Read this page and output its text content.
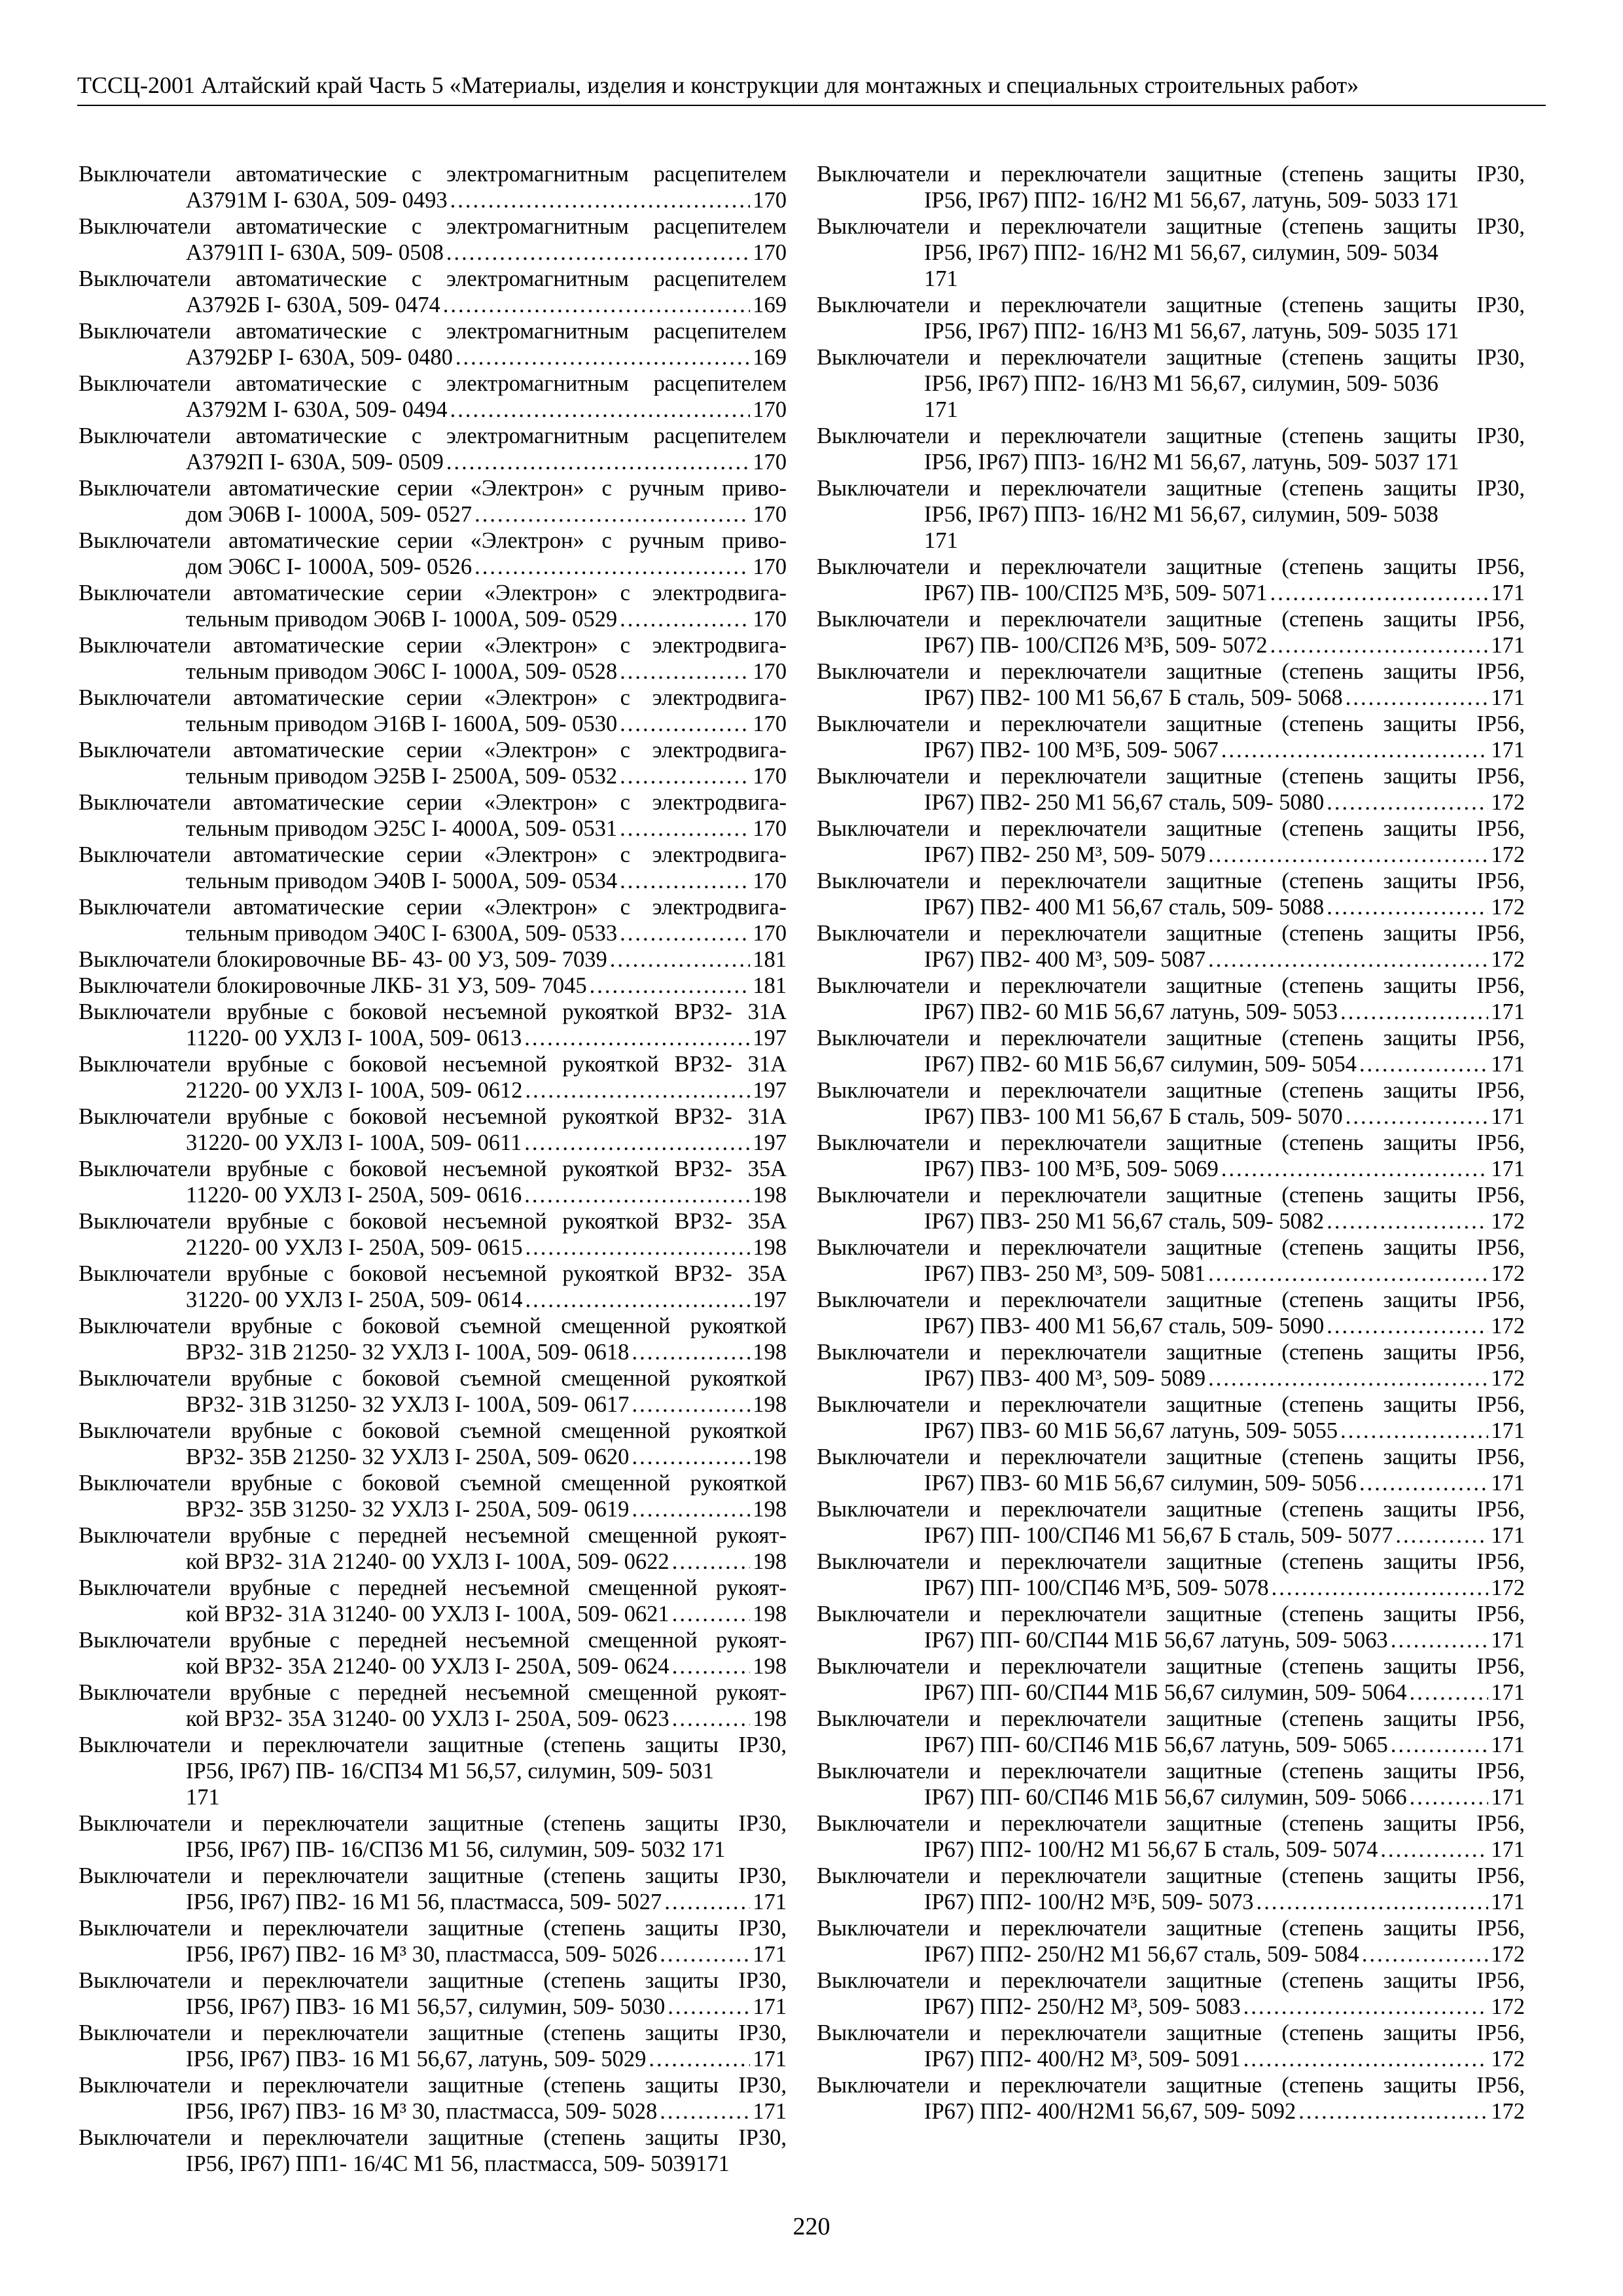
ТССЦ-2001 Алтайский край Часть 5 «Материалы, изделия и конструкции для монтажных и специальных строительных работ»
Выключатели автоматические с электромагнитным расцепителем
А3791М I- 630А, 509- 0493 .....	170
Выключатели автоматические с электромагнитным расцепителем
А3791П I- 630А, 509- 0508 .....	170
Выключатели автоматические с электромагнитным расцепителем
А3792Б I- 630А, 509- 0474 .....	169
Выключатели автоматические с электромагнитным расцепителем
А3792БР I- 630А, 509- 0480 .....	169
Выключатели автоматические с электромагнитным расцепителем
А3792М I- 630А, 509- 0494 .....	170
Выключатели автоматические с электромагнитным расцепителем
А3792П I- 630А, 509- 0509 .....	170
Выключатели автоматические серии «Электрон» с ручным приво-
дом Э06В I- 1000А, 509- 0527 .....	170
Выключатели автоматические серии «Электрон» с ручным приво-
дом Э06С I- 1000А, 509- 0526 .....	170
Выключатели автоматические серии «Электрон» с электродвига-
тельным приводом Э06В I- 1000А, 509- 0529 .....	170
Выключатели автоматические серии «Электрон» с электродвига-
тельным приводом Э06С I- 1000А, 509- 0528 .....	170
Выключатели автоматические серии «Электрон» с электродвига-
тельным приводом Э16В I- 1600А, 509- 0530 .....	170
Выключатели автоматические серии «Электрон» с электродвига-
тельным приводом Э25В I- 2500А, 509- 0532 .....	170
Выключатели автоматические серии «Электрон» с электродвига-
тельным приводом Э25С I- 4000А, 509- 0531 .....	170
Выключатели автоматические серии «Электрон» с электродвига-
тельным приводом Э40В I- 5000А, 509- 0534 .....	170
Выключатели автоматические серии «Электрон» с электродвига-
тельным приводом Э40С I- 6300А, 509- 0533 .....	170
Выключатели блокировочные ВБ- 43- 00 У3, 509- 7039 .....	181
Выключатели блокировочные ЛКБ- 31 У3, 509- 7045 .....	181
Выключатели врубные с боковой несъемной рукояткой ВР32- 31А
11220- 00 УХЛ3 I- 100А, 509- 0613 .....	197
Выключатели врубные с боковой несъемной рукояткой ВР32- 31А
21220- 00 УХЛ3 I- 100А, 509- 0612 .....	197
Выключатели врубные с боковой несъемной рукояткой ВР32- 31А
31220- 00 УХЛ3 I- 100А, 509- 0611 .....	197
Выключатели врубные с боковой несъемной рукояткой ВР32- 35А
11220- 00 УХЛ3 I- 250А, 509- 0616 .....	198
Выключатели врубные с боковой несъемной рукояткой ВР32- 35А
21220- 00 УХЛ3 I- 250А, 509- 0615 .....	198
Выключатели врубные с боковой несъемной рукояткой ВР32- 35А
31220- 00 УХЛ3 I- 250А, 509- 0614 .....	197
Выключатели врубные с боковой съемной смещенной рукояткой
ВР32- 31В 21250- 32 УХЛ3 I- 100А, 509- 0618 .....	198
Выключатели врубные с боковой съемной смещенной рукояткой
ВР32- 31В 31250- 32 УХЛ3 I- 100А, 509- 0617 .....	198
Выключатели врубные с боковой съемной смещенной рукояткой
ВР32- 35В 21250- 32 УХЛ3 I- 250А, 509- 0620 .....	198
Выключатели врубные с боковой съемной смещенной рукояткой
ВР32- 35В 31250- 32 УХЛ3 I- 250А, 509- 0619 .....	198
Выключатели врубные с передней несъемной смещенной рукоят-
кой ВР32- 31А 21240- 00 УХЛ3 I- 100А, 509- 0622 .....	198
Выключатели врубные с передней несъемной смещенной рукоят-
кой ВР32- 31А 31240- 00 УХЛ3 I- 100А, 509- 0621 .....	198
Выключатели врубные с передней несъемной смещенной рукоят-
кой ВР32- 35А 21240- 00 УХЛ3 I- 250А, 509- 0624 .....	198
Выключатели врубные с передней несъемной смещенной рукоят-
кой ВР32- 35А 31240- 00 УХЛ3 I- 250А, 509- 0623 .....	198
Выключатели и переключатели защитные (степень защиты IP30,
IP56, IP67) ПВ- 16/СП34 М1 56,57, силумин, 509- 5031
171
Выключатели и переключатели защитные (степень защиты IP30,
IP56, IP67) ПВ- 16/СП36 М1 56, силумин, 509- 5032 171
Выключатели и переключатели защитные (степень защиты IP30,
IP56, IP67) ПВ2- 16 М1 56, пластмасса, 509- 5027 .....	171
Выключатели и переключатели защитные (степень защиты IP30,
IP56, IP67) ПВ2- 16 М³ 30, пластмасса, 509- 5026 .....	171
Выключатели и переключатели защитные (степень защиты IP30,
IP56, IP67) ПВ3- 16 М1 56,57, силумин, 509- 5030 .....	171
Выключатели и переключатели защитные (степень защиты IP30,
IP56, IP67) ПВ3- 16 М1 56,67, латунь, 509- 5029 .....	171
Выключатели и переключатели защитные (степень защиты IP30,
IP56, IP67) ПВ3- 16 М³ 30, пластмасса, 509- 5028 .....	171
Выключатели и переключатели защитные (степень защиты IP30,
IP56, IP67) ПП1- 16/4С М1 56, пластмасса, 509- 5039171
Выключатели и переключатели защитные (степень защиты IP30,
IP56, IP67) ПП2- 16/Н2 М1 56,67, латунь, 509- 5033 171
Выключатели и переключатели защитные (степень защиты IP30,
IP56, IP67) ПП2- 16/Н2 М1 56,67, силумин, 509- 5034
171
Выключатели и переключатели защитные (степень защиты IP30,
IP56, IP67) ПП2- 16/Н3 М1 56,67, латунь, 509- 5035 171
Выключатели и переключатели защитные (степень защиты IP30,
IP56, IP67) ПП2- 16/Н3 М1 56,67, силумин, 509- 5036
171
Выключатели и переключатели защитные (степень защиты IP30,
IP56, IP67) ПП3- 16/Н2 М1 56,67, латунь, 509- 5037 171
Выключатели и переключатели защитные (степень защиты IP30,
IP56, IP67) ПП3- 16/Н2 М1 56,67, силумин, 509- 5038
171
Выключатели и переключатели защитные (степень защиты IP56,
IP67) ПВ- 100/СП25 М³Б, 509- 5071 .....	171
Выключатели и переключатели защитные (степень защиты IP56,
IP67) ПВ- 100/СП26 М³Б, 509- 5072 .....	171
Выключатели и переключатели защитные (степень защиты IP56,
IP67) ПВ2- 100 М1 56,67 Б сталь, 509- 5068 .....	171
Выключатели и переключатели защитные (степень защиты IP56,
IP67) ПВ2- 100 М³Б, 509- 5067 .....	171
Выключатели и переключатели защитные (степень защиты IP56,
IP67) ПВ2- 250 М1 56,67 сталь, 509- 5080 .....	172
Выключатели и переключатели защитные (степень защиты IP56,
IP67) ПВ2- 250 М³, 509- 5079 .....	172
Выключатели и переключатели защитные (степень защиты IP56,
IP67) ПВ2- 400 М1 56,67 сталь, 509- 5088 .....	172
Выключатели и переключатели защитные (степень защиты IP56,
IP67) ПВ2- 400 М³, 509- 5087 .....	172
Выключатели и переключатели защитные (степень защиты IP56,
IP67) ПВ2- 60 М1Б 56,67 латунь, 509- 5053 .....	171
Выключатели и переключатели защитные (степень защиты IP56,
IP67) ПВ2- 60 М1Б 56,67 силумин, 509- 5054 .....	171
Выключатели и переключатели защитные (степень защиты IP56,
IP67) ПВ3- 100 М1 56,67 Б сталь, 509- 5070 .....	171
Выключатели и переключатели защитные (степень защиты IP56,
IP67) ПВ3- 100 М³Б, 509- 5069 .....	171
Выключатели и переключатели защитные (степень защиты IP56,
IP67) ПВ3- 250 М1 56,67 сталь, 509- 5082 .....	172
Выключатели и переключатели защитные (степень защиты IP56,
IP67) ПВ3- 250 М³, 509- 5081 .....	172
Выключатели и переключатели защитные (степень защиты IP56,
IP67) ПВ3- 400 М1 56,67 сталь, 509- 5090 .....	172
Выключатели и переключатели защитные (степень защиты IP56,
IP67) ПВ3- 400 М³, 509- 5089 .....	172
Выключатели и переключатели защитные (степень защиты IP56,
IP67) ПВ3- 60 М1Б 56,67 латунь, 509- 5055 .....	171
Выключатели и переключатели защитные (степень защиты IP56,
IP67) ПВ3- 60 М1Б 56,67 силумин, 509- 5056 .....	171
Выключатели и переключатели защитные (степень защиты IP56,
IP67) ПП- 100/СП46 М1 56,67 Б сталь, 509- 5077 .....	171
Выключатели и переключатели защитные (степень защиты IP56,
IP67) ПП- 100/СП46 М³Б, 509- 5078 .....	172
Выключатели и переключатели защитные (степень защиты IP56,
IP67) ПП- 60/СП44 М1Б 56,67 латунь, 509- 5063 .....	171
Выключатели и переключатели защитные (степень защиты IP56,
IP67) ПП- 60/СП44 М1Б 56,67 силумин, 509- 5064 .....	171
Выключатели и переключатели защитные (степень защиты IP56,
IP67) ПП- 60/СП46 М1Б 56,67 латунь, 509- 5065 .....	171
Выключатели и переключатели защитные (степень защиты IP56,
IP67) ПП- 60/СП46 М1Б 56,67 силумин, 509- 5066 .....	171
Выключатели и переключатели защитные (степень защиты IP56,
IP67) ПП2- 100/Н2 М1 56,67 Б сталь, 509- 5074 .....	171
Выключатели и переключатели защитные (степень защиты IP56,
IP67) ПП2- 100/Н2 М³Б, 509- 5073 .....	171
Выключатели и переключатели защитные (степень защиты IP56,
IP67) ПП2- 250/Н2 М1 56,67 сталь, 509- 5084 .....	172
Выключатели и переключатели защитные (степень защиты IP56,
IP67) ПП2- 250/Н2 М³, 509- 5083 .....	172
Выключатели и переключатели защитные (степень защиты IP56,
IP67) ПП2- 400/Н2 М³, 509- 5091 .....	172
Выключатели и переключатели защитные (степень защиты IP56,
IP67) ПП2- 400/Н2М1 56,67, 509- 5092 .....	172
220
